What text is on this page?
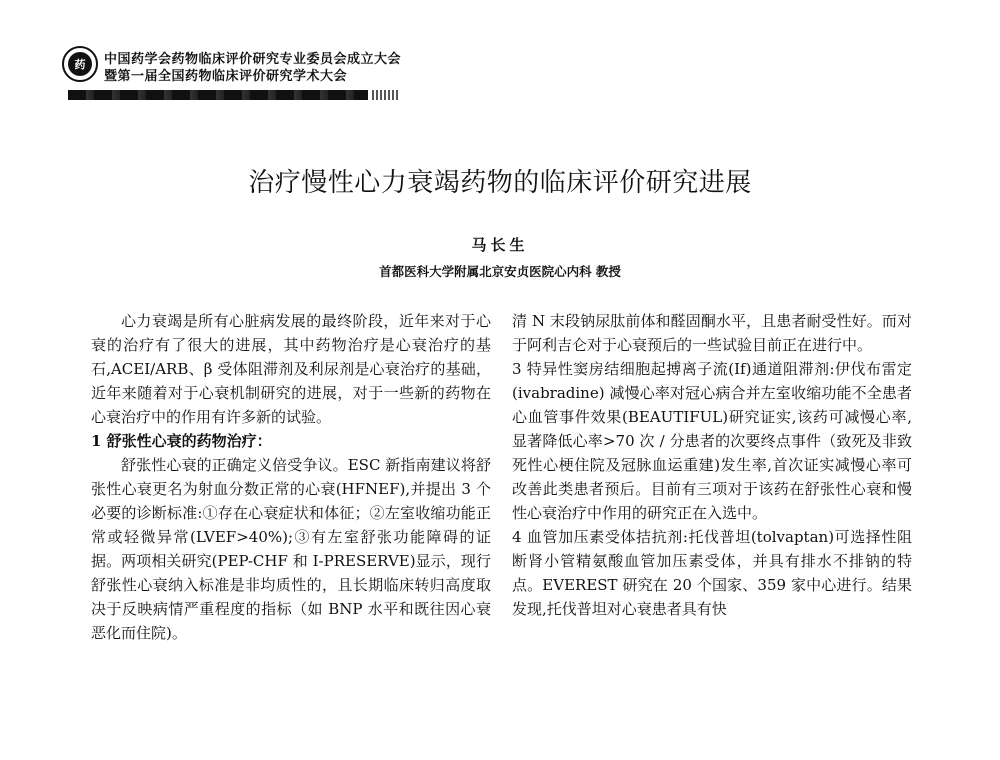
药	中国药学会药物临床评价研究专业委员会成立大会
暨第一届全国药物临床评价研究学术大会
治疗慢性心力衰竭药物的临床评价研究进展
马长生
首都医科大学附属北京安贞医院心内科 教授

心力衰竭是所有心脏病发展的最终阶段，近年来对于心衰的治疗有了很大的进展，其中药物治疗是心衰治疗的基石,ACEI/ARB、β 受体阻滞剂及利尿剂是心衰治疗的基础，近年来随着对于心衰机制研究的进展，对于一些新的药物在心衰治疗中的作用有许多新的试验。

1 舒张性心衰的药物治疗：

舒张性心衰的正确定义倍受争议。ESC 新指南建议将舒张性心衰更名为射血分数正常的心衰(HFNEF),并提出 3 个必要的诊断标准:①存在心衰症状和体征；②左室收缩功能正常或轻微异常(LVEF>40%);③有左室舒张功能障碍的证据。两项相关研究(PEP-CHF 和 I-PRESERVE)显示，现行舒张性心衰纳入标准是非均质性的，且长期临床转归高度取决于反映病情严重程度的指标（如 BNP 水平和既往因心衰恶化而住院)。

清 N 末段钠尿肽前体和醛固酮水平，且患者耐受性好。而对于阿利吉仑对于心衰预后的一些试验目前正在进行中。

3 特异性窦房结细胞起搏离子流(If)通道阻滞剂:伊伐布雷定 (ivabradine) 减慢心率对冠心病合并左室收缩功能不全患者心血管事件效果(BEAUTIFUL)研究证实,该药可减慢心率,显著降低心率>70 次 / 分患者的次要终点事件（致死及非致死性心梗住院及冠脉血运重建)发生率,首次证实减慢心率可改善此类患者预后。目前有三项对于该药在舒张性心衰和慢性心衰治疗中作用的研究正在入选中。

4 血管加压素受体拮抗剂:托伐普坦(tolvaptan)可选择性阻断肾小管精氨酸血管加压素受体，并具有排水不排钠的特点。EVEREST 研究在 20 个国家、359 家中心进行。结果发现,托伐普坦对心衰患者具有快
